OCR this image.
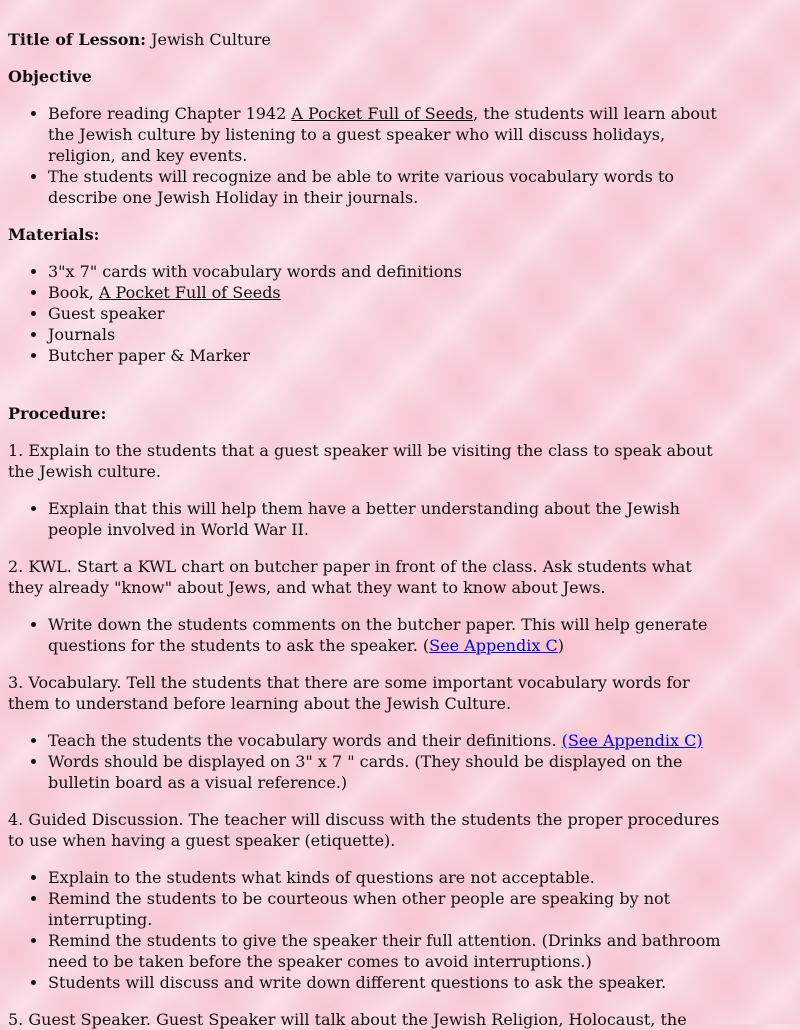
Title of Lesson: Jewish Culture

Objective

• Before reading Chapter 1942 A Pocket Full of Seeds, the students will learn about
the Jewish culture by listening to a guest speaker who will discuss holidays,
religion, and key events.
• The students will recognize and be able to write various vocabulary words to
describe one Jewish Holiday in their journals.

Materials:

• 3"x 7" cards with vocabulary words and definitions
• Book, A Pocket Full of Seeds
• Guest speaker
• Journals
• Butcher paper & Marker

Procedure:

1. Explain to the students that a guest speaker will be visiting the class to speak about
the Jewish culture.

• Explain that this will help them have a better understanding about the Jewish
people involved in World War II.

2. KWL. Start a KWL chart on butcher paper in front of the class. Ask students what
they already "know" about Jews, and what they want to know about Jews.

• Write down the students comments on the butcher paper. This will help generate
questions for the students to ask the speaker. (See Appendix C)

3. Vocabulary. Tell the students that there are some important vocabulary words for
them to understand before learning about the Jewish Culture.

• Teach the students the vocabulary words and their definitions. (See Appendix C)
• Words should be displayed on 3" x 7 " cards. (They should be displayed on the
bulletin board as a visual reference.)

4. Guided Discussion. The teacher will discuss with the students the proper procedures
to use when having a guest speaker (etiquette).

• Explain to the students what kinds of questions are not acceptable.
• Remind the students to be courteous when other people are speaking by not
interrupting.
• Remind the students to give the speaker their full attention. (Drinks and bathroom
need to be taken before the speaker comes to avoid interruptions.)
• Students will discuss and write down different questions to ask the speaker.

5. Guest Speaker. Guest Speaker will talk about the Jewish Religion, Holocaust, the
